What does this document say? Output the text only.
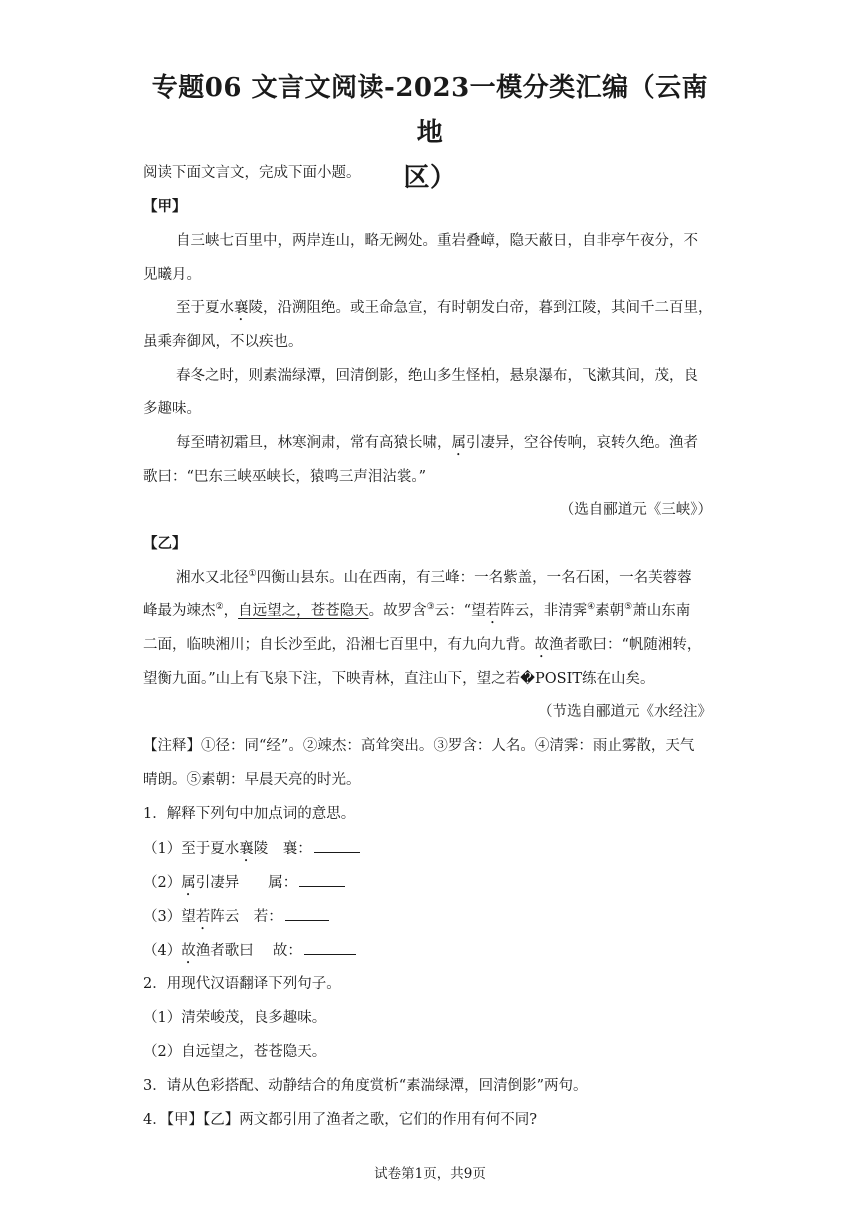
专题06 文言文阅读-2023一模分类汇编（云南地
区）
阅读下面文言文，完成下面小题。
【甲】
自三峡七百里中，两岸连山，略无阙处。重岩叠嶂，隐天蔽日，自非亭午夜分，不
见曦月。
至于夏水襄陵，沿溯阻绝。或王命急宣，有时朝发白帝，暮到江陵，其间千二百里，
虽乘奔御风，不以疾也。
春冬之时，则素湍绿潭，回清倒影，绝山多生怪柏，悬泉瀑布，飞漱其间，茂，良
多趣味。
每至晴初霜旦，林寒涧肃，常有高猿长啸，属引凄异，空谷传响，哀转久绝。渔者
歌曰：“巴东三峡巫峡长，猿鸣三声泪沾裳。”
（选自郦道元《三峡》）
【乙】
湘水又北径①四衡山县东。山在西南，有三峰：一名紫盖，一名石囷，一名芙蓉蓉
峰最为竦杰②，自远望之，苍苍隐天。故罗含③云：“望若阵云，非清霁④素朝⑤萧山东南
二面，临映湘川；自长沙至此，沿湘七百里中，有九向九背。故渔者歌曰：“帆随湘转，
望衡九面。”山上有飞泉下注，下映青林，直注山下，望之若�POSIT练在山矣。
（节选自郦道元《水经注》
【注释】①径：同“经”。②竦杰：高耸突出。③罗含：人名。④清霁：雨止雾散，天气
晴朗。⑤素朝：早晨天亮的时光。
1．解释下列句中加点词的意思。
（1）至于夏水襄陵　襄：
（2）属引凄异　　属：
（3）望若阵云　若：
（4）故渔者歌曰　 故：
2．用现代汉语翻译下列句子。
（1）清荣峻茂，良多趣味。
（2）自远望之，苍苍隐天。
3．请从色彩搭配、动静结合的角度赏析“素湍绿潭，回清倒影”两句。
4．【甲】【乙】两文都引用了渔者之歌，它们的作用有何不同?
试卷第1页，共9页
